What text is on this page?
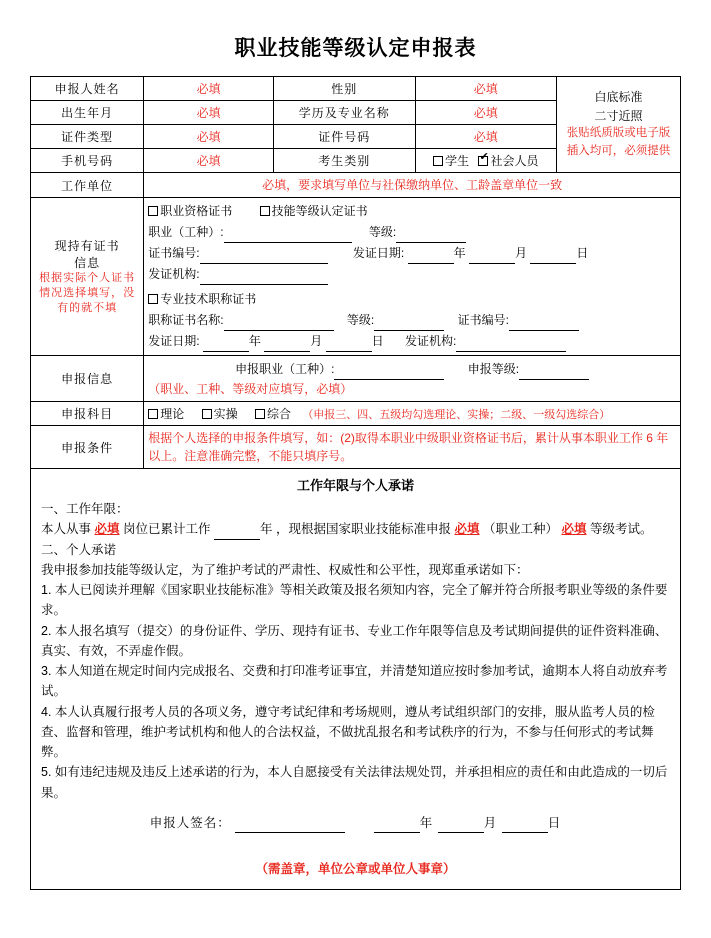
职业技能等级认定申报表
申报人姓名	必填	性别	必填	白底标准
二寸近照
张贴纸质版或电子版插入均可，必须提供

出生年月	必填	学历及专业名称	必填	
证件类型	必填	证件号码	必填	
手机号码	必填	考生类别	学生 ✔ 社会人员
工作单位	必填，要求填写单位与社保缴纳单位、工龄盖章单位一致			

现持有证书
信息
根据实际个人证书情况选择填写，没有的就不填

职业资格证书	技能等级认定证书
职业（工种）:	等级:
证书编号:	发证日期:	年	月	日
发证机构:
专业技术职称证书
职称证书名称:	等级:	证书编号:
发证日期:	年	月	日 发证机构:

申报信息	申报职业（工种）: 申报等级:
（职业、工种、等级对应填写，必填）			

申报科目	理论 实操 综合 （申报三、四、五级均勾选理论、实操；二级、一级勾选综合）			
申报条件	根据个人选择的申报条件填写，如：(2)取得本职业中级职业资格证书后，累计从事本职业工作 6 年以上。注意准确完整，不能只填序号。			
工作年限与个人承诺

一、工作年限：

本人从事 必填 岗位已累计工作	年 ，现根据国家职业技能标准申报 必填 （职业工种） 必填 等级考试。

二、个人承诺

我申报参加技能等级认定，为了维护考试的严肃性、权威性和公平性，现郑重承诺如下：

1. 本人已阅读并理解《国家职业技能标准》等相关政策及报名须知内容，完全了解并符合所报考职业等级的条件要求。

2. 本人报名填写（提交）的身份证件、学历、现持有证书、专业工作年限等信息及考试期间提供的证件资料准确、真实、有效，不弄虚作假。

3. 本人知道在规定时间内完成报名、交费和打印准考证事宜，并清楚知道应按时参加考试，逾期本人将自动放弃考试。

4. 本人认真履行报考人员的各项义务，遵守考试纪律和考场规则，遵从考试组织部门的安排，服从监考人员的检查、监督和管理，维护考试机构和他人的合法权益，不做扰乱报名和考试秩序的行为，不参与任何形式的考试舞弊。

5. 如有违纪违规及违反上述承诺的行为，本人自愿接受有关法律法规处罚，并承担相应的责任和由此造成的一切后果。

申报人签名：	年	月	日
（需盖章，单位公章或单位人事章）
